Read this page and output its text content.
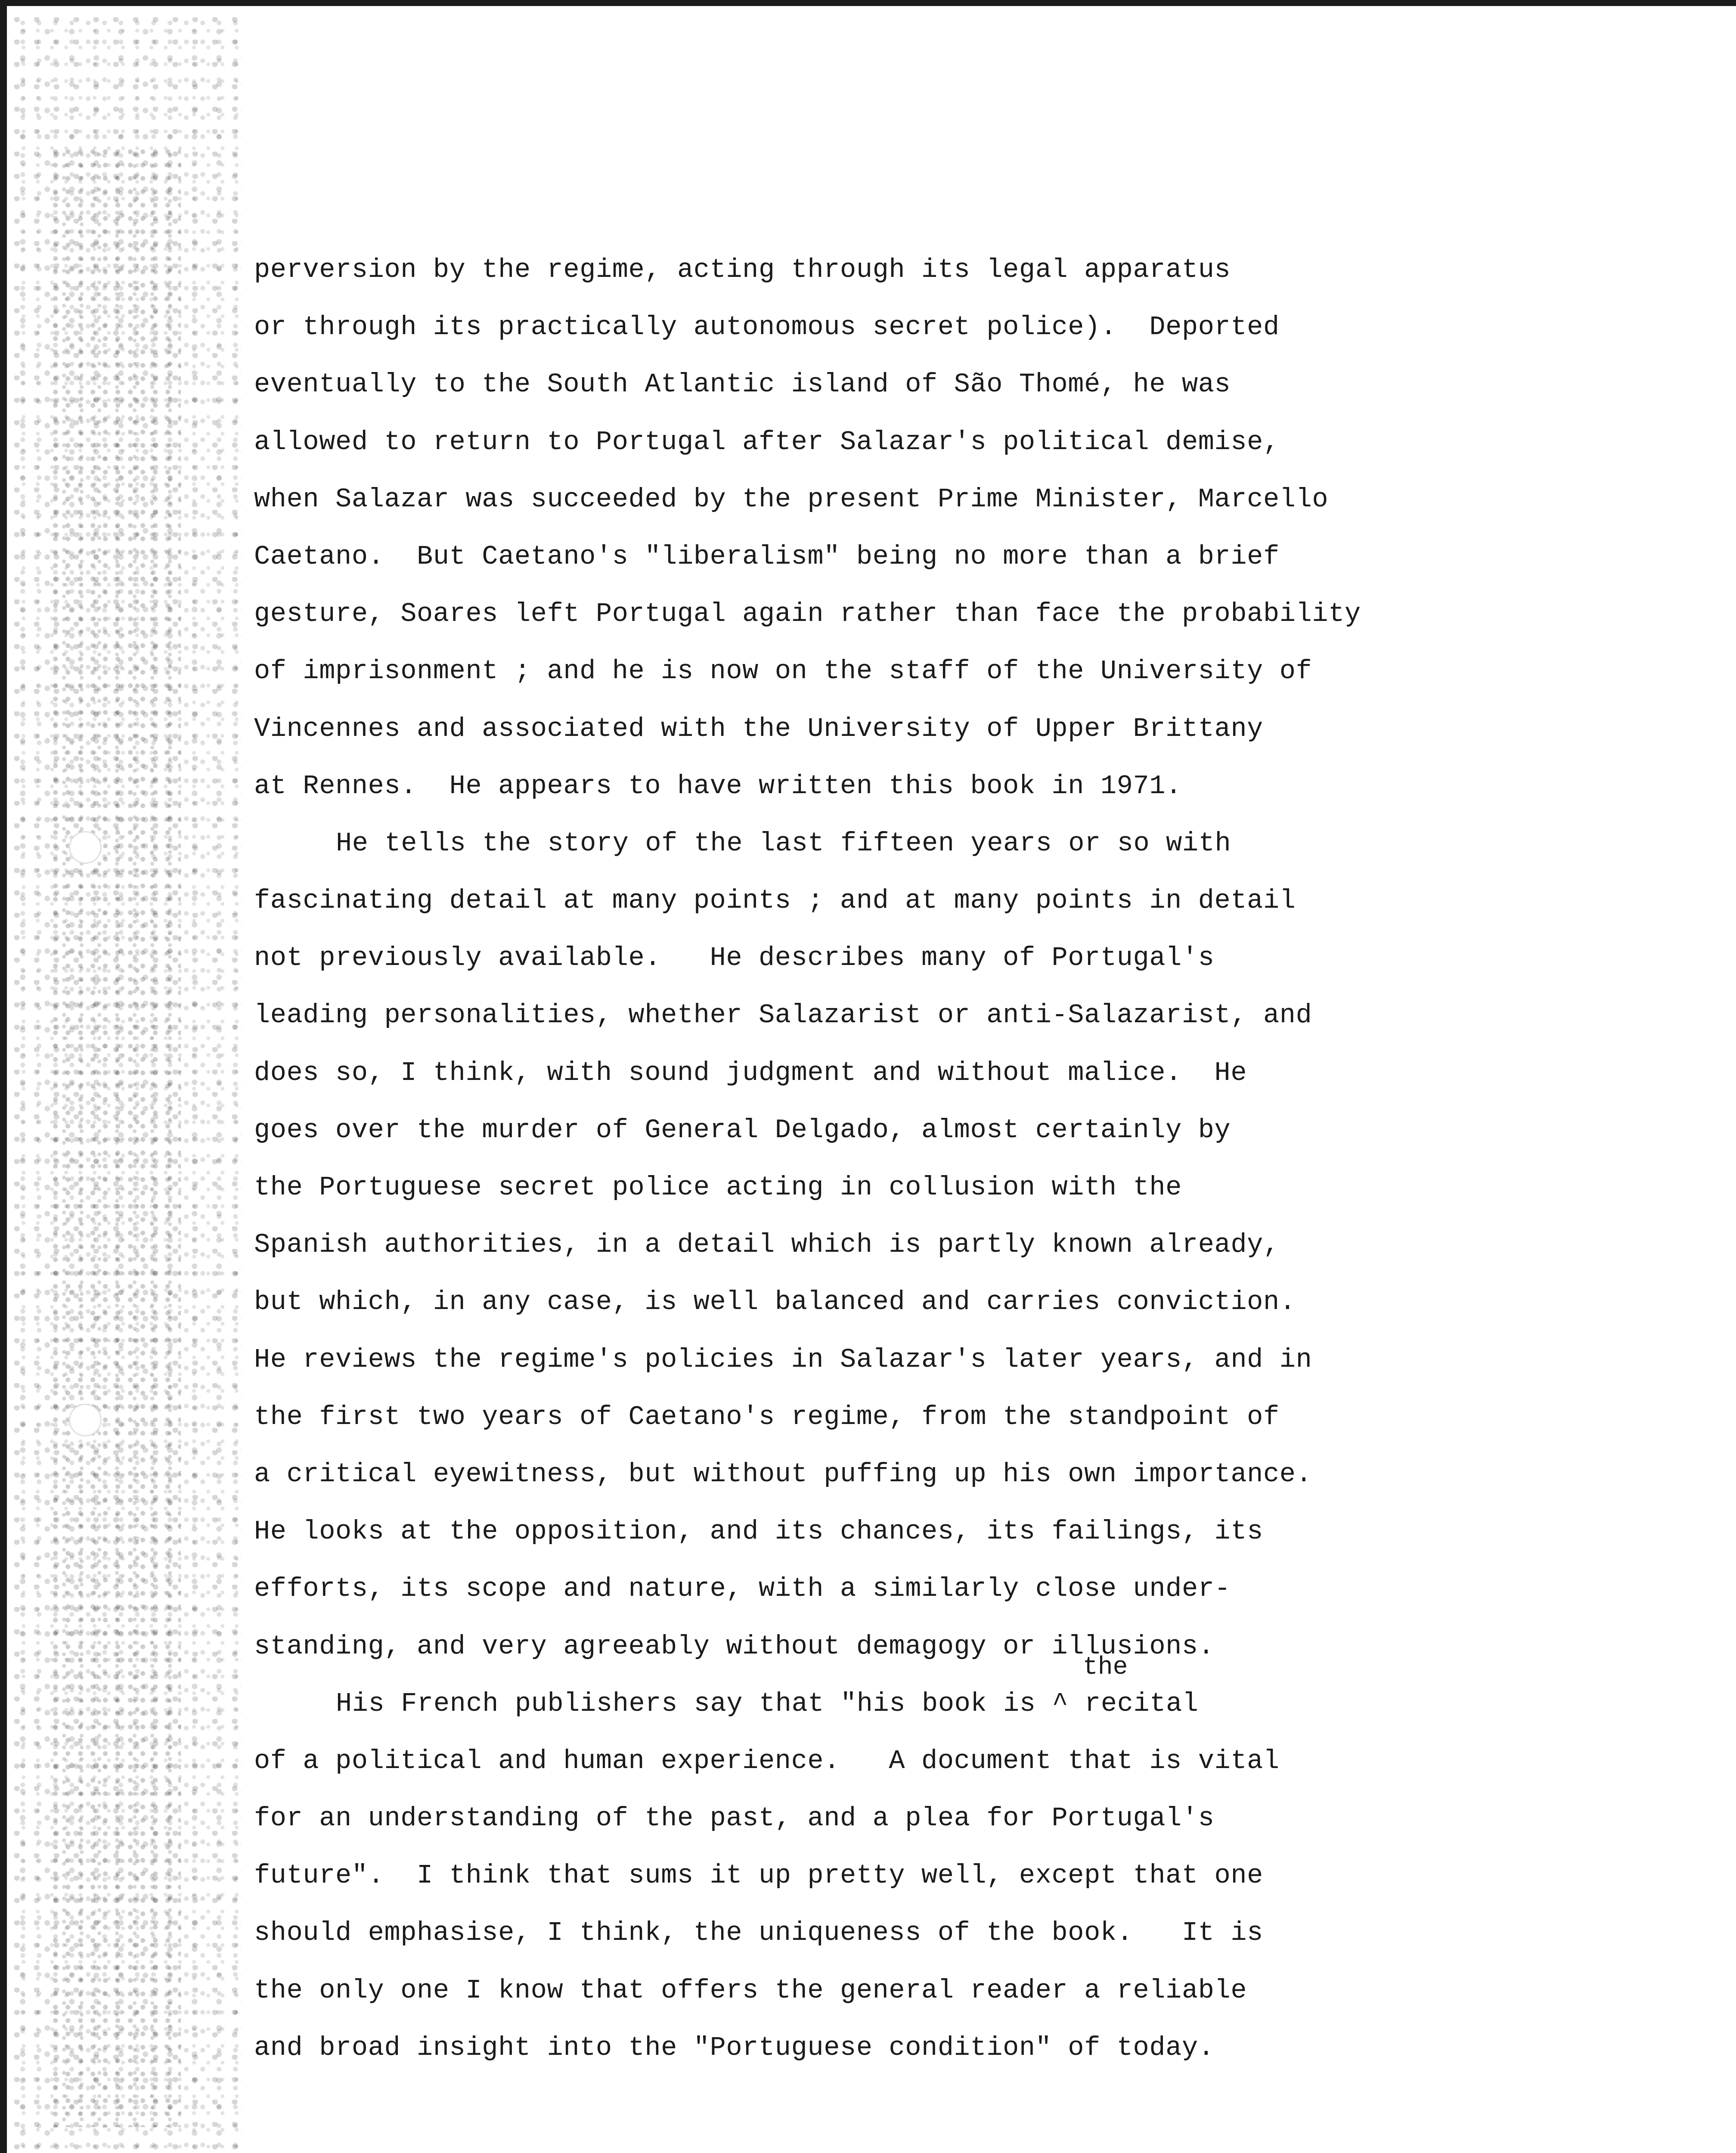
perversion by the regime, acting through its legal apparatus
or through its practically autonomous secret police).  Deported
eventually to the South Atlantic island of São Thomé, he was
allowed to return to Portugal after Salazar's political demise,
when Salazar was succeeded by the present Prime Minister, Marcello
Caetano.  But Caetano's "liberalism" being no more than a brief
gesture, Soares left Portugal again rather than face the probability
of imprisonment ; and he is now on the staff of the University of
Vincennes and associated with the University of Upper Brittany
at Rennes.  He appears to have written this book in 1971.
He tells the story of the last fifteen years or so with
fascinating detail at many points ; and at many points in detail
not previously available.   He describes many of Portugal's
leading personalities, whether Salazarist or anti-Salazarist, and
does so, I think, with sound judgment and without malice.  He
goes over the murder of General Delgado, almost certainly by
the Portuguese secret police acting in collusion with the
Spanish authorities, in a detail which is partly known already,
but which, in any case, is well balanced and carries conviction.
He reviews the regime's policies in Salazar's later years, and in
the first two years of Caetano's regime, from the standpoint of
a critical eyewitness, but without puffing up his own importance.
He looks at the opposition, and its chances, its failings, its
efforts, its scope and nature, with a similarly close under-
standing, and very agreeably without demagogy or illusions.
His French publishers say that "his book is ^ recital
of a political and human experience.   A document that is vital
for an understanding of the past, and a plea for Portugal's
future".  I think that sums it up pretty well, except that one
should emphasise, I think, the uniqueness of the book.   It is
the only one I know that offers the general reader a reliable
and broad insight into the "Portuguese condition" of today.
the
